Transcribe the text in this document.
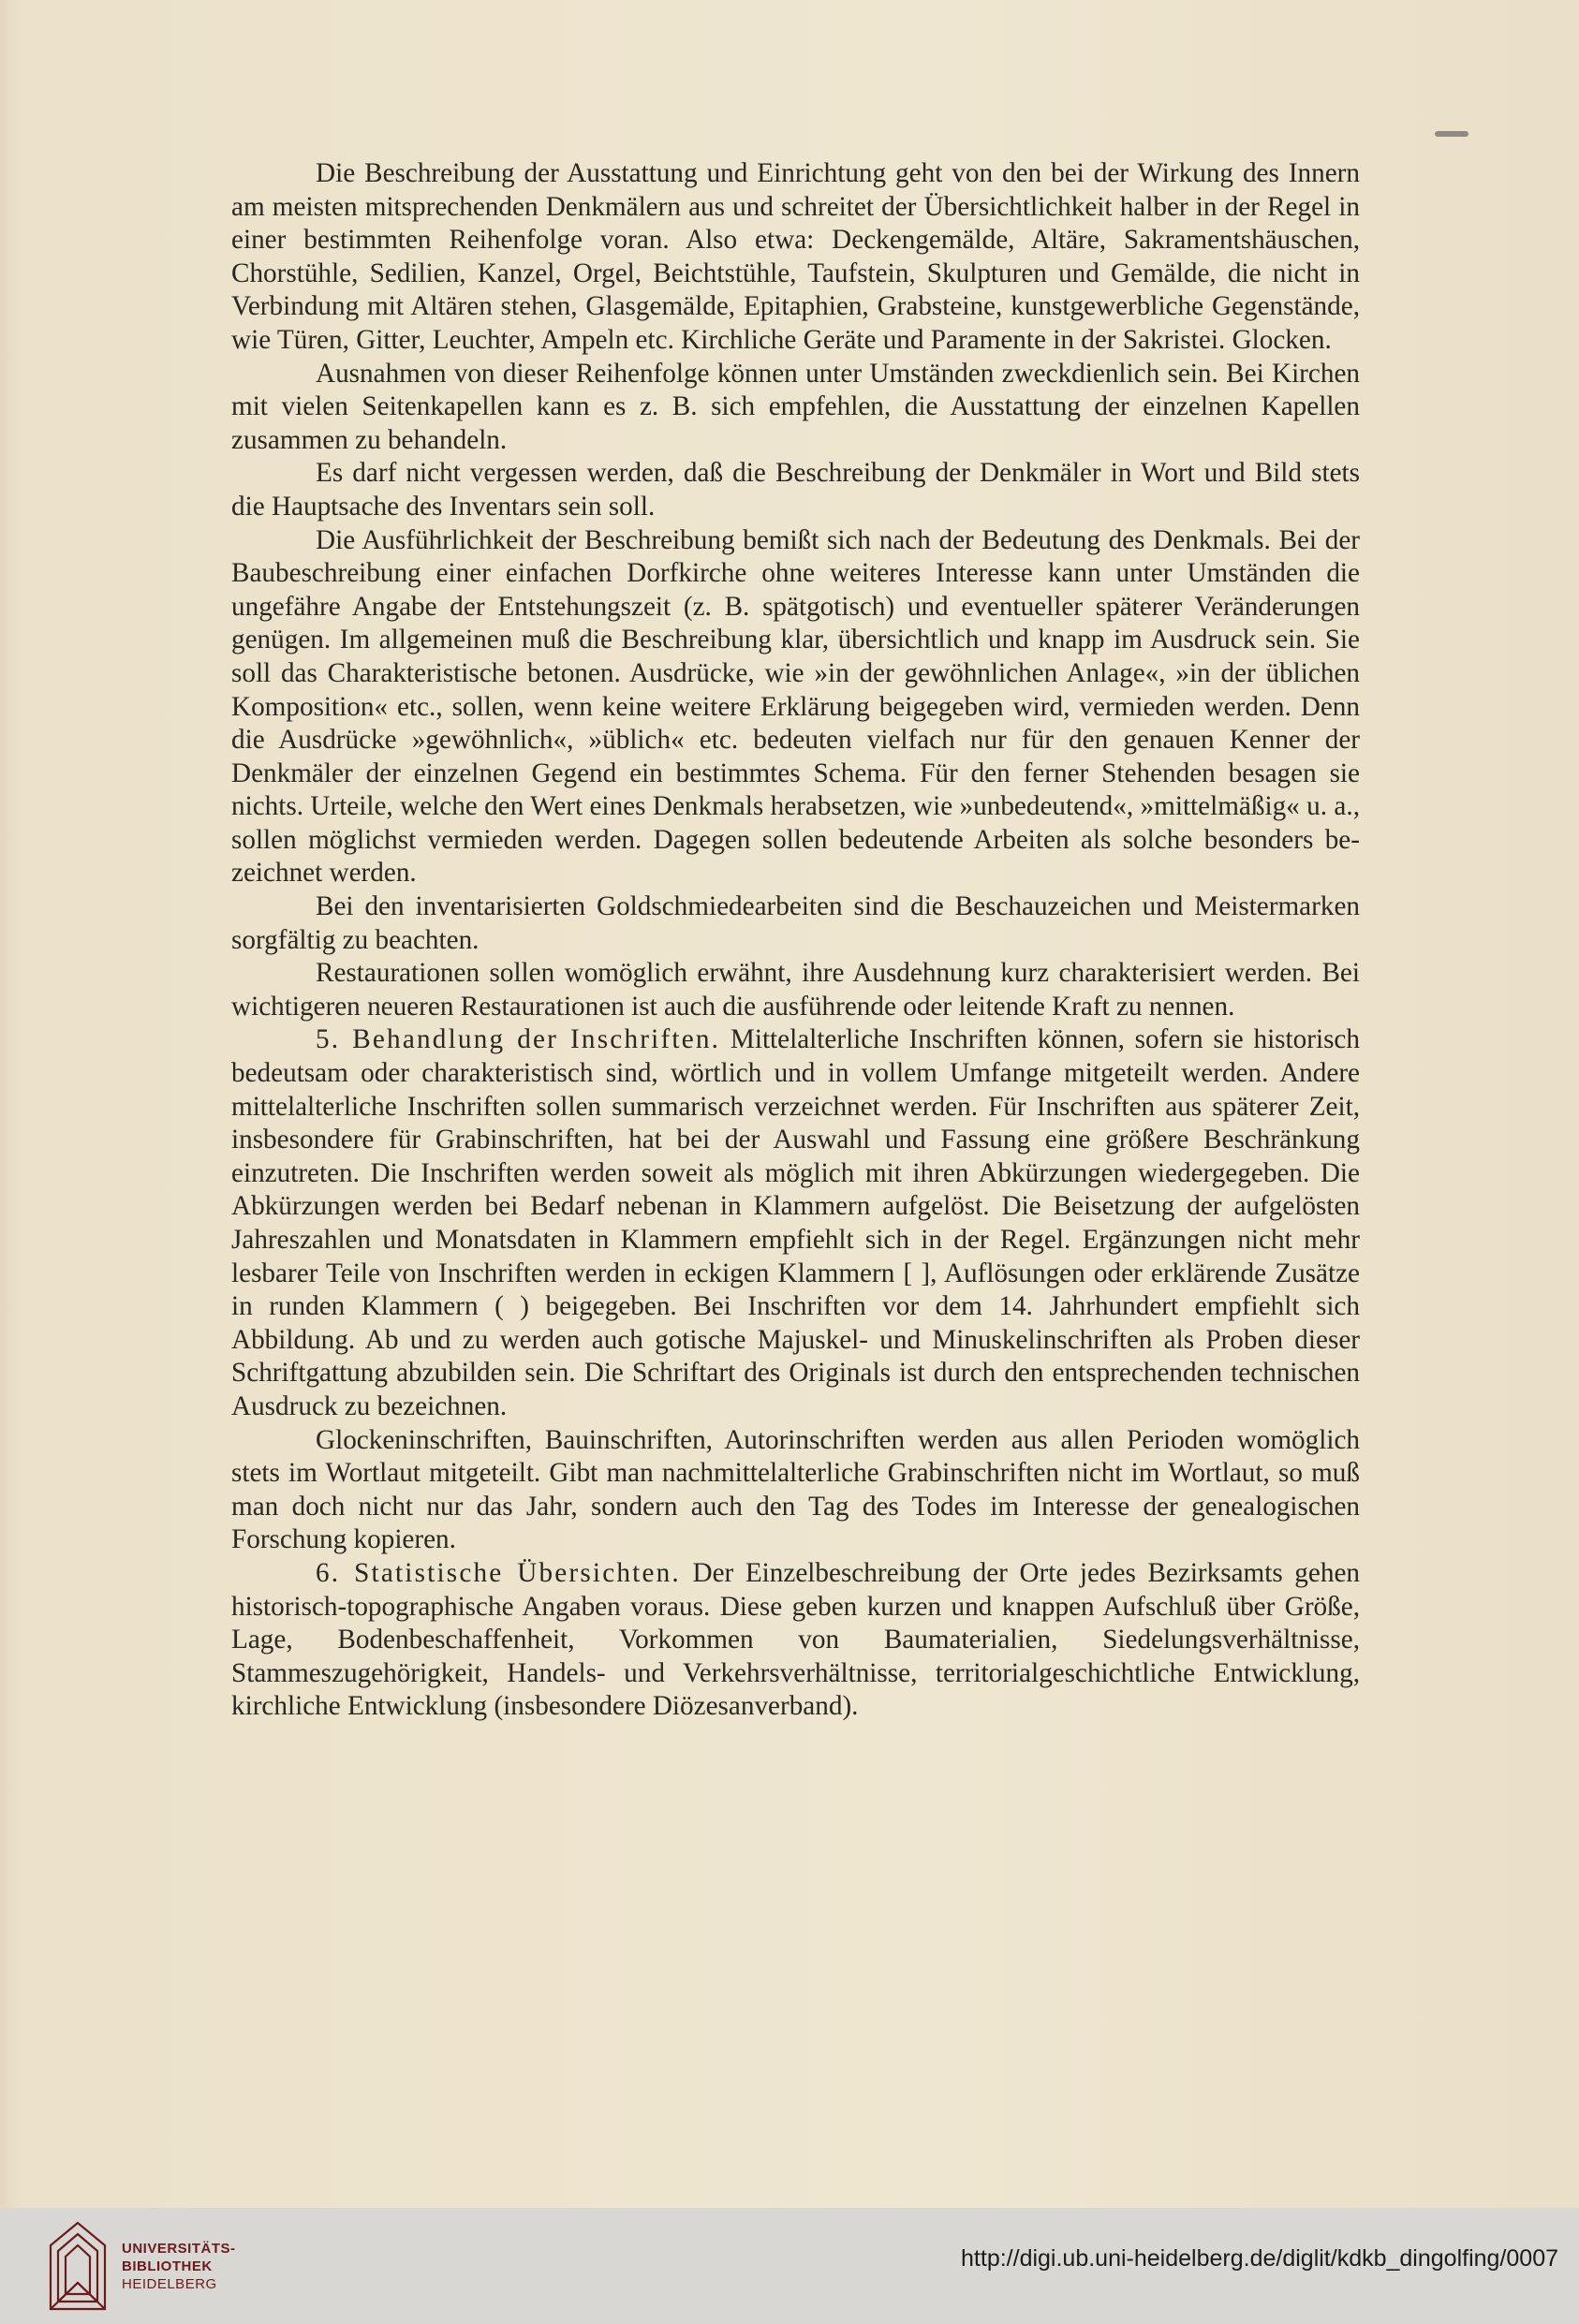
Die Beschreibung der Ausstattung und Einrichtung geht von den bei der Wirkung des Innern am meisten mitsprechenden Denkmälern aus und schreitet der Übersichtlichkeit halber in der Regel in einer bestimmten Reihenfolge voran. Also etwa: Deckengemälde, Altäre, Sakramentshäuschen, Chorstühle, Sedilien, Kanzel, Orgel, Beichtstühle, Taufstein, Skulpturen und Gemälde, die nicht in Verbindung mit Altären stehen, Glasgemälde, Epitaphien, Grabsteine, kunstgewerbliche Gegenstände, wie Türen, Gitter, Leuchter, Ampeln etc. Kirchliche Geräte und Paramente in der Sakristei. Glocken.

Ausnahmen von dieser Reihenfolge können unter Umständen zweckdienlich sein. Bei Kirchen mit vielen Seitenkapellen kann es z. B. sich empfehlen, die Ausstattung der einzelnen Kapellen zusammen zu behandeln.

Es darf nicht vergessen werden, daß die Beschreibung der Denkmäler in Wort und Bild stets die Hauptsache des Inventars sein soll.

Die Ausführlichkeit der Beschreibung bemißt sich nach der Bedeutung des Denkmals. Bei der Baubeschreibung einer einfachen Dorfkirche ohne weiteres Interesse kann unter Umständen die ungefähre Angabe der Entstehungszeit (z. B. spätgotisch) und eventueller späterer Veränderungen genügen. Im allgemeinen muß die Beschreibung klar, übersichtlich und knapp im Ausdruck sein. Sie soll das Charakteristische betonen. Ausdrücke, wie »in der gewöhnlichen Anlage«, »in der üblichen Komposition« etc., sollen, wenn keine weitere Erklärung beigegeben wird, vermieden werden. Denn die Ausdrücke »gewöhnlich«, »üblich« etc. bedeuten vielfach nur für den genauen Kenner der Denkmäler der einzelnen Gegend ein bestimmtes Schema. Für den ferner Stehenden besagen sie nichts. Urteile, welche den Wert eines Denkmals herabsetzen, wie »unbedeutend«, »mittelmäßig« u. a., sollen möglichst vermieden werden. Dagegen sollen bedeutende Arbeiten als solche besonders bezeichnet werden.

Bei den inventarisierten Goldschmiedearbeiten sind die Beschauzeichen und Meistermarken sorgfältig zu beachten.

Restaurationen sollen womöglich erwähnt, ihre Ausdehnung kurz charakterisiert werden. Bei wichtigeren neueren Restaurationen ist auch die ausführende oder leitende Kraft zu nennen.

5. Behandlung der Inschriften. Mittelalterliche Inschriften können, sofern sie historisch bedeutsam oder charakteristisch sind, wörtlich und in vollem Umfange mitgeteilt werden. Andere mittelalterliche Inschriften sollen summarisch verzeichnet werden. Für Inschriften aus späterer Zeit, insbesondere für Grabinschriften, hat bei der Auswahl und Fassung eine größere Beschränkung einzutreten. Die Inschriften werden soweit als möglich mit ihren Abkürzungen wiedergegeben. Die Abkürzungen werden bei Bedarf nebenan in Klammern aufgelöst. Die Beisetzung der aufgelösten Jahreszahlen und Monatsdaten in Klammern empfiehlt sich in der Regel. Ergänzungen nicht mehr lesbarer Teile von Inschriften werden in eckigen Klammern [ ], Auflösungen oder erklärende Zusätze in runden Klammern ( ) beigegeben. Bei Inschriften vor dem 14. Jahrhundert empfiehlt sich Abbildung. Ab und zu werden auch gotische Majuskel- und Minuskelinschriften als Proben dieser Schriftgattung abzubilden sein. Die Schriftart des Originals ist durch den entsprechenden technischen Ausdruck zu bezeichnen.

Glockeninschriften, Bauinschriften, Autorinschriften werden aus allen Perioden womöglich stets im Wortlaut mitgeteilt. Gibt man nachmittelalterliche Grabinschriften nicht im Wortlaut, so muß man doch nicht nur das Jahr, sondern auch den Tag des Todes im Interesse der genealogischen Forschung kopieren.

6. Statistische Übersichten. Der Einzelbeschreibung der Orte jedes Bezirksamts gehen historisch-topographische Angaben voraus. Diese geben kurzen und knappen Aufschluß über Größe, Lage, Bodenbeschaffenheit, Vorkommen von Baumaterialien, Siedelungsverhältnisse, Stammeszugehörigkeit, Handels- und Verkehrsverhältnisse, territorialgeschichtliche Entwicklung, kirchliche Entwicklung (insbesondere Diözesanverband).

UNIVERSITÄTS-
BIBLIOTHEK
HEIDELBERG
http://digi.ub.uni-heidelberg.de/diglit/kdkb_dingolfing/0007
